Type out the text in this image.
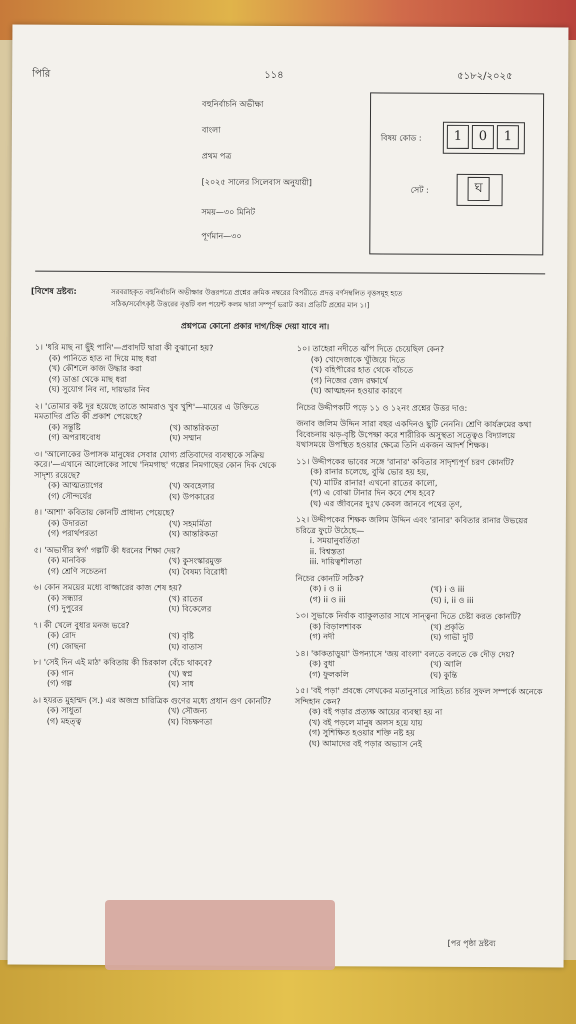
পিরি	১১৪	৫১৮২/২০২৫
বহুনির্বাচনি অভীক্ষা
বাংলা
প্রথম পত্র
[২০২৫ সালের সিলেবাস অনুযায়ী]
সময়—৩০ মিনিট
পূর্ণমান—৩০
বিষয় কোড :	1	0	1
সেট :	ঘ
[বিশেষ দ্রষ্টব্য:	সরবরাহকৃত বহুনির্বাচনি অভীক্ষার উত্তরপত্রে প্রশ্নের ক্রমিক নম্বরের বিপরীতে প্রদত্ত বর্ণসম্বলিত বৃত্তসমূহ হতে
সঠিক/সর্বোৎকৃষ্ট উত্তরের বৃত্তটি বল পয়েন্ট কলম দ্বারা সম্পূর্ণ ভরাট কর। প্রতিটি প্রশ্নের মান ১।]
প্রশ্নপত্রে কোনো প্রকার দাগ/চিহ্ন দেয়া যাবে না।
১। 'ধরি মাছ না ছুঁই পানি'—প্রবাদটি দ্বারা কী বুঝানো হয়?
(ক) পানিতে হাত না দিয়ে মাছ ধরা
(খ) কৌশলে কাজ উদ্ধার করা
(গ) ডাঙা থেকে মাছ ধরা
(ঘ) সুযোগ নিব না, দায়ভার নিব
২। 'তোমার কষ্ট দূর হয়েছে তাতে আমরাও খুব খুশি'—মায়ের এ উক্তিতে মমতাদির প্রতি কী প্রকাশ পেয়েছে?
(ক) সন্তুষ্টি	(খ) আন্তরিকতা
(গ) অপরাধবোধ	(ঘ) সম্মান
৩। 'আলোকের উপাসক মানুষের সেবার যোগ্য প্রতিবাদের ব্যবস্থাকে সক্রিয় করে।'—এখানে আলোকের সাথে 'নিমগাছ' গল্পের নিমগাছের কোন দিক থেকে সাদৃশ্য রয়েছে?
(ক) আত্মত্যাগের	(খ) অবহেলার
(গ) সৌন্দর্যের	(ঘ) উপকারের
৪। 'আশা' কবিতায় কোনটি প্রাধান্য পেয়েছে?
(ক) উদারতা	(খ) সহমর্মিতা
(গ) পরার্থপরতা	(ঘ) আন্তরিকতা
৫। 'অভাগীর স্বর্গ' গল্পটি কী ধরনের শিক্ষা দেয়?
(ক) মানবিক	(খ) কুসংস্কারমুক্ত
(গ) শ্রেণি সচেতনা	(ঘ) বৈষম্য বিরোধী
৬। কোন সময়ের মধ্যে বাজ্জারের কাজ শেষ হয়?
(ক) সন্ধ্যার	(খ) রাতের
(গ) দুপুরের	(ঘ) বিকেলের
৭। কী খেলে বুধার মনজ ভরে?
(ক) রোদ	(খ) বৃষ্টি
(গ) জোছনা	(ঘ) বাতাস
৮। 'সেই দিন এই মাঠ' কবিতায় কী চিরকাল বেঁচে থাকবে?
(ক) গান	(খ) স্বপ্ন
(গ) গল্প	(ঘ) সাধ
৯। হযরত মুহাম্মদ (স.) এর অজস্র চারিত্রিক গুণের মধ্যে প্রধান গুণ কোনটি?
(ক) সাধুতা	(খ) সৌজন্য
(গ) মহত্ত্ব	(ঘ) বিচক্ষণতা
১০। তাহেরা নদীতে ঝাঁপ দিতে চেয়েছিল কেন?
(ক) খোদেজাকে খুঁজিয়ে দিতে
(খ) বহিপীরের হাত থেকে বাঁচতে
(গ) নিজের জেদ রক্ষার্থে
(ঘ) আত্মহনন হওয়ার কারণে
নিচের উদ্দীপকটি পড়ে ১১ ও ১২নং প্রশ্নের উত্তর দাও:
জনাব জলিম উদ্দিন সারা বছর একদিনও ছুটি নেননি। শ্রেণি কার্যক্রমের কথা বিবেচনায় ঝড়-বৃষ্টি উপেক্ষা করে শারীরিক অসুস্থতা সত্ত্বেও বিদ্যালয়ে যথাসময়ে উপস্থিত হওয়ার ক্ষেত্রে তিনি একজন আদর্শ শিক্ষক।
১১। উদ্দীপকের ভাবের সঙ্গে 'রানার' কবিতার সাদৃশ্যপূর্ণ চরণ কোনটি?
(ক) রানার চলেছে, বুঝি ভোর হয় হয়,
(খ) মাটির রানার! এখনো রাতের কালো,
(গ) এ বোঝা টানার দিন কবে শেষ হবে?
(ঘ) এর জীবনের দুঃখ কেবল জানবে পথের তৃণ,
১২। উদ্দীপকের শিক্ষক জলিম উদ্দিন এবং 'রানার' কবিতার রানার উভয়ের চরিত্রে ফুটে উঠেছে—
i. সময়ানুবর্তিতা
ii. বিশ্বস্ততা
iii. দায়িত্বশীলতা
নিচের কোনটি সঠিক?
(ক) i ও ii	(খ) i ও iii
(গ) ii ও iii	(ঘ) i, ii ও iii
১৩। সুভাকে নির্বাক ব্যাকুলতার সাথে সান্ত্বনা দিতে চেষ্টা করত কোনটি?
(ক) বিড়ালশাবক	(খ) প্রকৃতি
(গ) নদী	(ঘ) গাভী দুটি
১৪। 'কাকতাড়ুয়া' উপন্যাসে 'জয় বাংলা' বলতে বলতে কে দৌড় দেয়?
(ক) বুধা	(খ) আলি
(গ) ফুলকলি	(ঘ) কুন্তি
১৫। 'বই পড়া' প্রবন্ধে লেখকের মতানুসারে সাহিত্য চর্চার সুফল সম্পর্কে অনেকে সন্দিহান কেন?
(ক) বই পড়ার প্রত্যক্ষ আয়ের ব্যবস্থা হয় না
(খ) বই পড়লে মানুষ অলস হয়ে যায়
(গ) সুশিক্ষিত হওয়ার শক্তি নষ্ট হয়
(ঘ) আমাদের বই পড়ার অভ্যাস নেই
[পর পৃষ্ঠা দ্রষ্টব্য
